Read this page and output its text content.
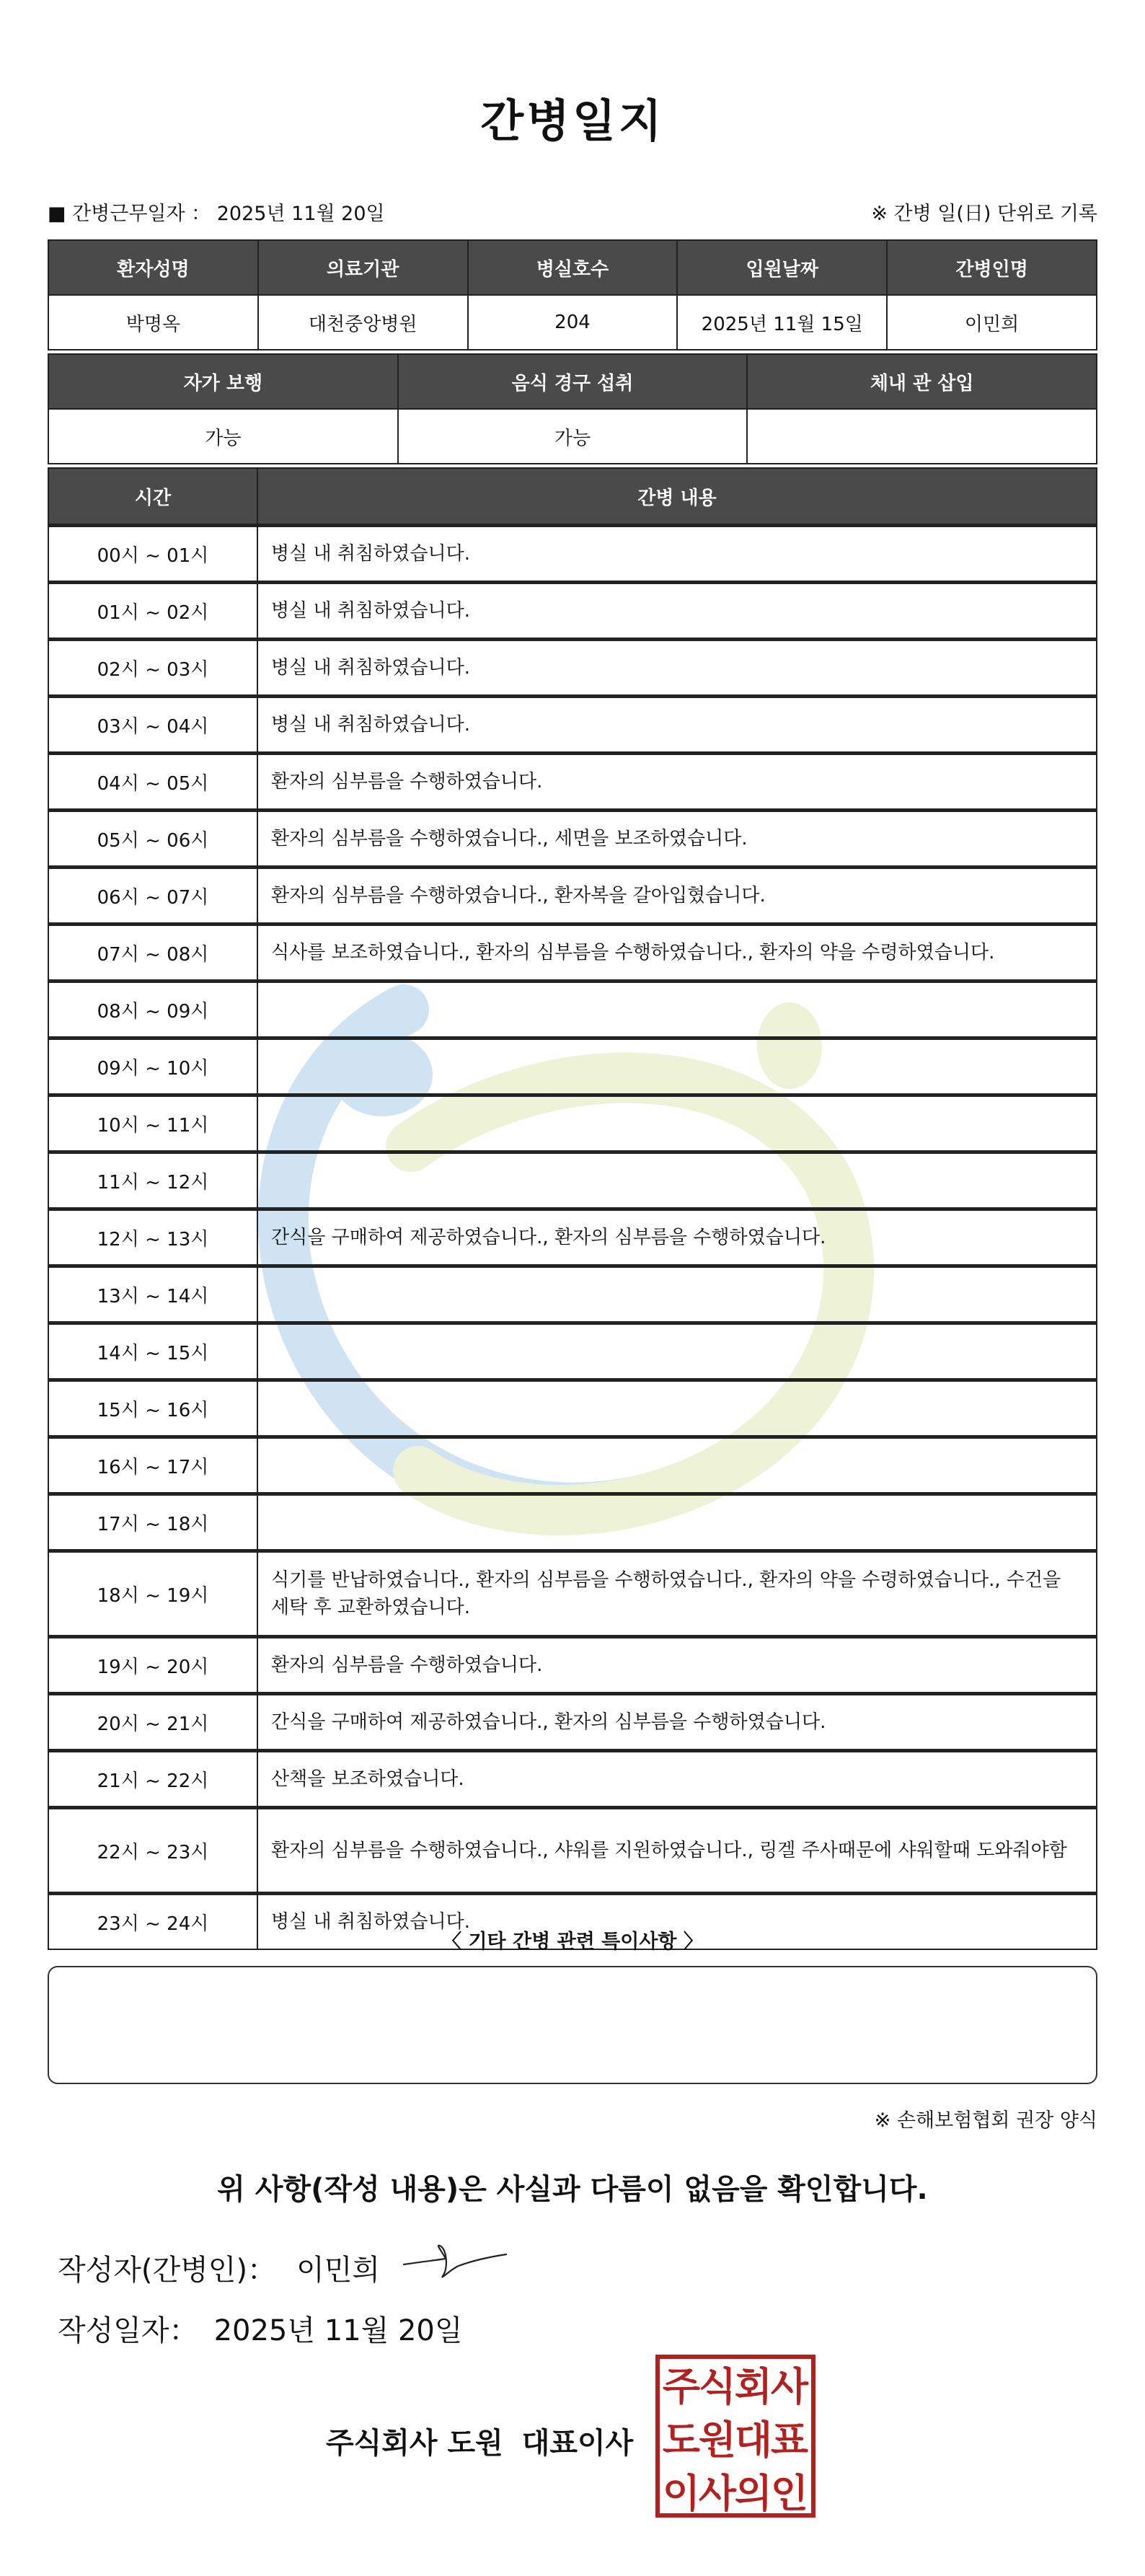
간병일지
■ 간병근무일자 ： 2025년 11월 20일	※ 간병 일(日) 단위로 기록
환자성명	의료기관	병실호수	입원날짜	간병인명
박명옥	대천중앙병원	204	2025년 11월 15일	이민희
자가 보행	음식 경구 섭취	체내 관 삽입
가능	가능	
시간	간병 내용
00시 ~ 01시	병실 내 취침하였습니다.
01시 ~ 02시	병실 내 취침하였습니다.
02시 ~ 03시	병실 내 취침하였습니다.
03시 ~ 04시	병실 내 취침하였습니다.
04시 ~ 05시	환자의 심부름을 수행하였습니다.
05시 ~ 06시	환자의 심부름을 수행하였습니다., 세면을 보조하였습니다.
06시 ~ 07시	환자의 심부름을 수행하였습니다., 환자복을 갈아입혔습니다.
07시 ~ 08시	식사를 보조하였습니다., 환자의 심부름을 수행하였습니다., 환자의 약을 수령하였습니다.
08시 ~ 09시	
09시 ~ 10시	
10시 ~ 11시	
11시 ~ 12시	
12시 ~ 13시	간식을 구매하여 제공하였습니다., 환자의 심부름을 수행하였습니다.
13시 ~ 14시	
14시 ~ 15시	
15시 ~ 16시	
16시 ~ 17시	
17시 ~ 18시	
18시 ~ 19시	식기를 반납하였습니다., 환자의 심부름을 수행하였습니다., 환자의 약을 수령하였습니다., 수건을 세탁 후 교환하였습니다.
19시 ~ 20시	환자의 심부름을 수행하였습니다.
20시 ~ 21시	간식을 구매하여 제공하였습니다., 환자의 심부름을 수행하였습니다.
21시 ~ 22시	산책을 보조하였습니다.
22시 ~ 23시	환자의 심부름을 수행하였습니다., 샤워를 지원하였습니다., 링겔 주사때문에 샤워할때 도와줘야함
23시 ~ 24시	병실 내 취침하였습니다.
〈 기타 간병 관련 특이사항 〉
※ 손해보험협회 권장 양식
위 사항(작성 내용)은 사실과 다름이 없음을 확인합니다.
작성자(간병인)： 이민희
작성일자： 2025년 11월 20일
주식회사 도원 대표이사
주
식
회
사
도
원
대
표
이
사
의
인
